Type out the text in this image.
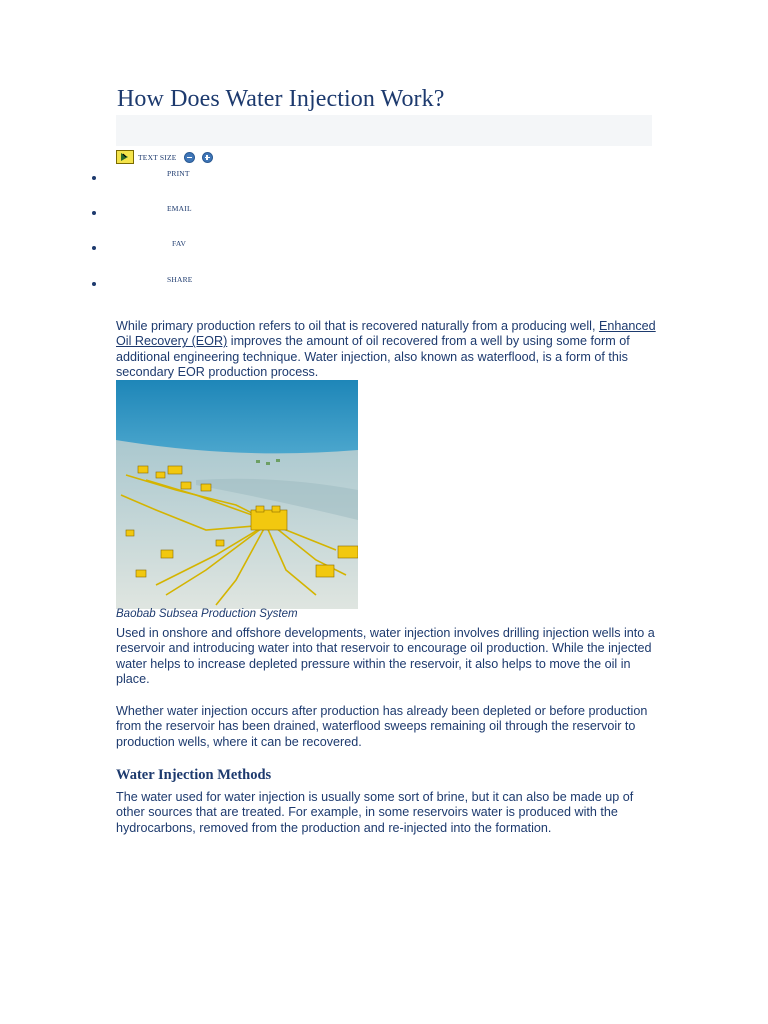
How Does Water Injection Work?
TEXT SIZE
PRINT
EMAIL
FAV
SHARE

While primary production refers to oil that is recovered naturally from a producing well, Enhanced Oil Recovery (EOR) improves the amount of oil recovered from a well by using some form of additional engineering technique. Water injection, also known as waterflood, is a form of this secondary EOR production process.

Baobab Subsea Production System

Used in onshore and offshore developments, water injection involves drilling injection wells into a reservoir and introducing water into that reservoir to encourage oil production. While the injected water helps to increase depleted pressure within the reservoir, it also helps to move the oil in place.

Whether water injection occurs after production has already been depleted or before production from the reservoir has been drained, waterflood sweeps remaining oil through the reservoir to production wells, where it can be recovered.

Water Injection Methods

The water used for water injection is usually some sort of brine, but it can also be made up of other sources that are treated. For example, in some reservoirs water is produced with the hydrocarbons, removed from the production and re-injected into the formation.
